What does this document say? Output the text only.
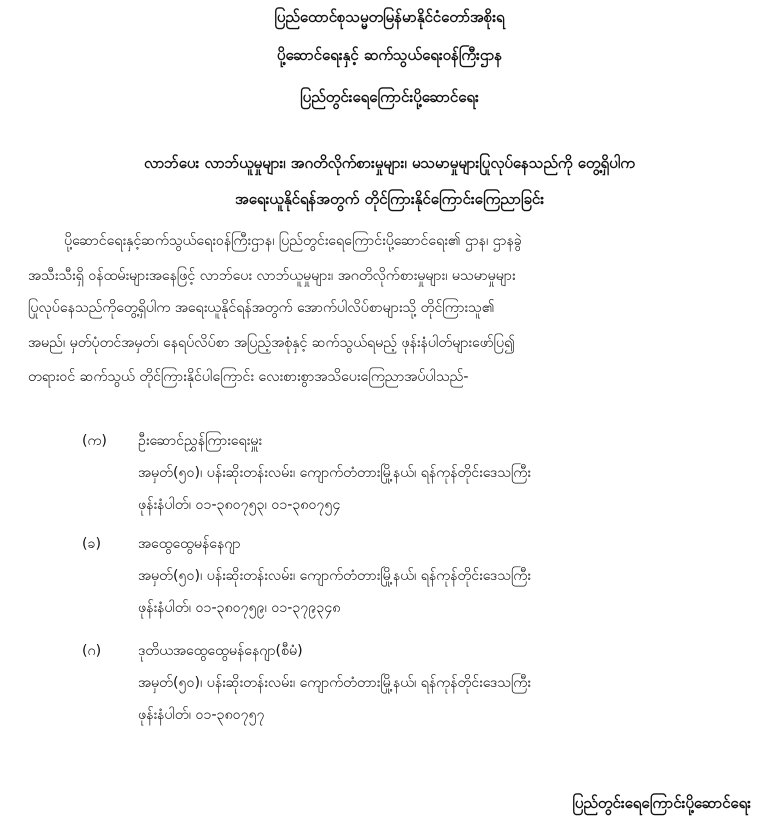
ပြည်ထောင်စုသမ္မတမြန်မာနိုင်ငံတော်အစိုးရ
ပို့ဆောင်ရေးနှင့် ဆက်သွယ်ရေးဝန်ကြီးဌာန
ပြည်တွင်းရေကြောင်းပို့ဆောင်ရေး
လာဘ်ပေး လာဘ်ယူမှုများ၊ အဂတိလိုက်စားမှုများ၊ မသမာမှုများပြုလုပ်နေသည်ကို တွေ့ရှိပါက
အရေးယူနိုင်ရန်အတွက် တိုင်ကြားနိုင်ကြောင်းကြေညာခြင်း
ပို့ဆောင်ရေးနှင့်ဆက်သွယ်ရေးဝန်ကြီးဌာန၊ ပြည်တွင်းရေကြောင်းပို့ဆောင်ရေး၏ ဌာန၊ ဌာနခွဲ
အသီးသီးရှိ ဝန်ထမ်းများအနေဖြင့် လာဘ်ပေး လာဘ်ယူမှုများ၊ အဂတိလိုက်စားမှုများ၊ မသမာမှုများ
ပြုလုပ်နေသည်ကိုတွေ့ရှိပါက အရေးယူနိုင်ရန်အတွက် အောက်ပါလိပ်စာများသို့ တိုင်ကြားသူ၏
အမည်၊ မှတ်ပုံတင်အမှတ်၊ နေရပ်လိပ်စာ အပြည့်အစုံနှင့် ဆက်သွယ်ရမည့် ဖုန်းနံပါတ်များဖော်ပြ၍
တရားဝင် ဆက်သွယ် တိုင်ကြားနိုင်ပါကြောင်း လေးစားစွာအသိပေးကြေညာအပ်ပါသည်-
(က) ဦးဆောင်ညွှန်ကြားရေးမှူး
အမှတ်(၅၀)၊ ပန်းဆိုးတန်းလမ်း၊ ကျောက်တံတားမြို့နယ်၊ ရန်ကုန်တိုင်းဒေသကြီး
ဖုန်းနံပါတ်၊ ၀၁-၃၈၀၇၅၃၊ ၀၁-၃၈၀၇၅၄
(ခ)	အထွေထွေမန်နေဂျာ
အမှတ်(၅၀)၊ ပန်းဆိုးတန်းလမ်း၊ ကျောက်တံတားမြို့နယ်၊ ရန်ကုန်တိုင်းဒေသကြီး
ဖုန်းနံပါတ်၊ ၀၁-၃၈၀၇၅၉၊ ၀၁-၃၇၉၃၄၈
(ဂ)	ဒုတိယအထွေထွေမန်နေဂျာ(စီမံ)
အမှတ်(၅၀)၊ ပန်းဆိုးတန်းလမ်း၊ ကျောက်တံတားမြို့နယ်၊ ရန်ကုန်တိုင်းဒေသကြီး
ဖုန်းနံပါတ်၊ ၀၁-၃၈၀၇၅၇
ပြည်တွင်းရေကြောင်းပို့ဆောင်ရေး
